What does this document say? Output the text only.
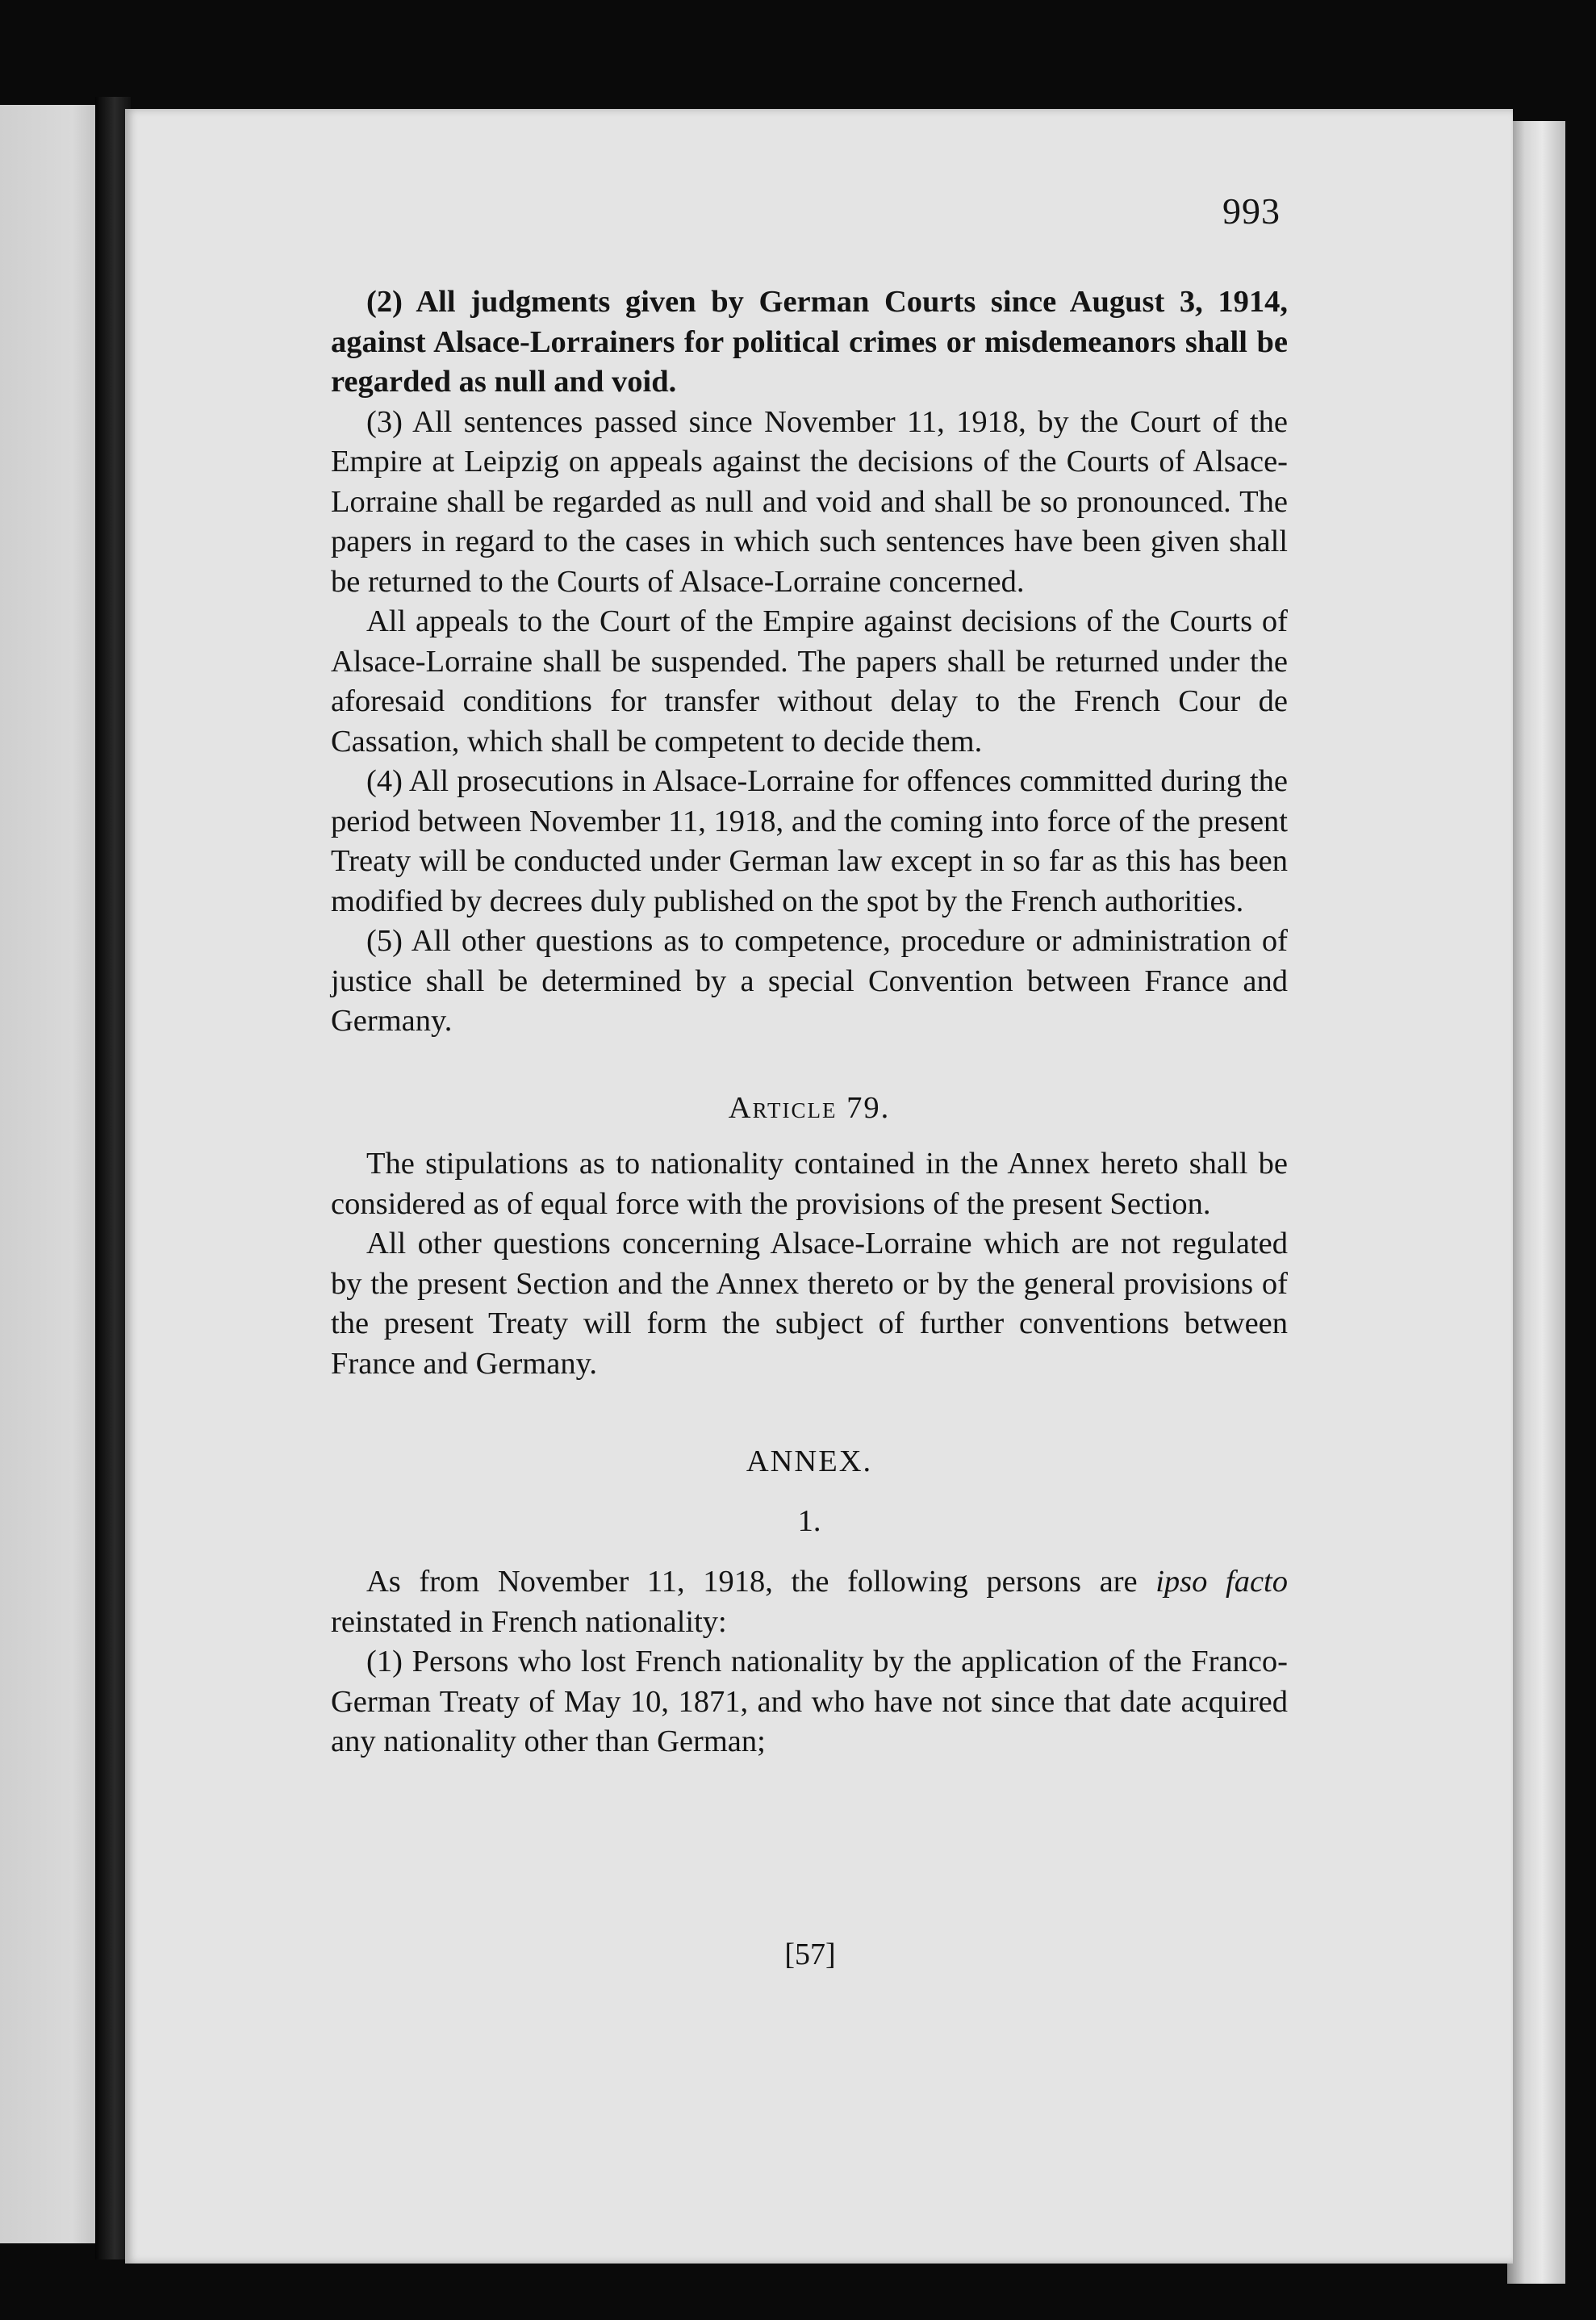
993

(2) All judgments given by German Courts since August 3, 1914, against Alsace-Lorrainers for political crimes or misdemeanors shall be regarded as null and void.

(3) All sentences passed since November 11, 1918, by the Court of the Empire at Leipzig on appeals against the decisions of the Courts of Alsace-Lorraine shall be regarded as null and void and shall be so pronounced. The papers in regard to the cases in which such sentences have been given shall be returned to the Courts of Alsace-Lorraine concerned.

All appeals to the Court of the Empire against decisions of the Courts of Alsace-Lorraine shall be suspended. The papers shall be returned under the aforesaid conditions for transfer without delay to the French Cour de Cassation, which shall be competent to decide them.

(4) All prosecutions in Alsace-Lorraine for offences committed during the period between November 11, 1918, and the coming into force of the present Treaty will be conducted under German law except in so far as this has been modified by decrees duly published on the spot by the French authorities.

(5) All other questions as to competence, procedure or administration of justice shall be determined by a special Convention between France and Germany.

Article 79.

The stipulations as to nationality contained in the Annex hereto shall be considered as of equal force with the provisions of the present Section.

All other questions concerning Alsace-Lorraine which are not regulated by the present Section and the Annex thereto or by the general provisions of the present Treaty will form the subject of further conventions between France and Germany.

ANNEX.

1.

As from November 11, 1918, the following persons are ipso facto reinstated in French nationality:

(1) Persons who lost French nationality by the application of the Franco-German Treaty of May 10, 1871, and who have not since that date acquired any nationality other than German;

[57]
